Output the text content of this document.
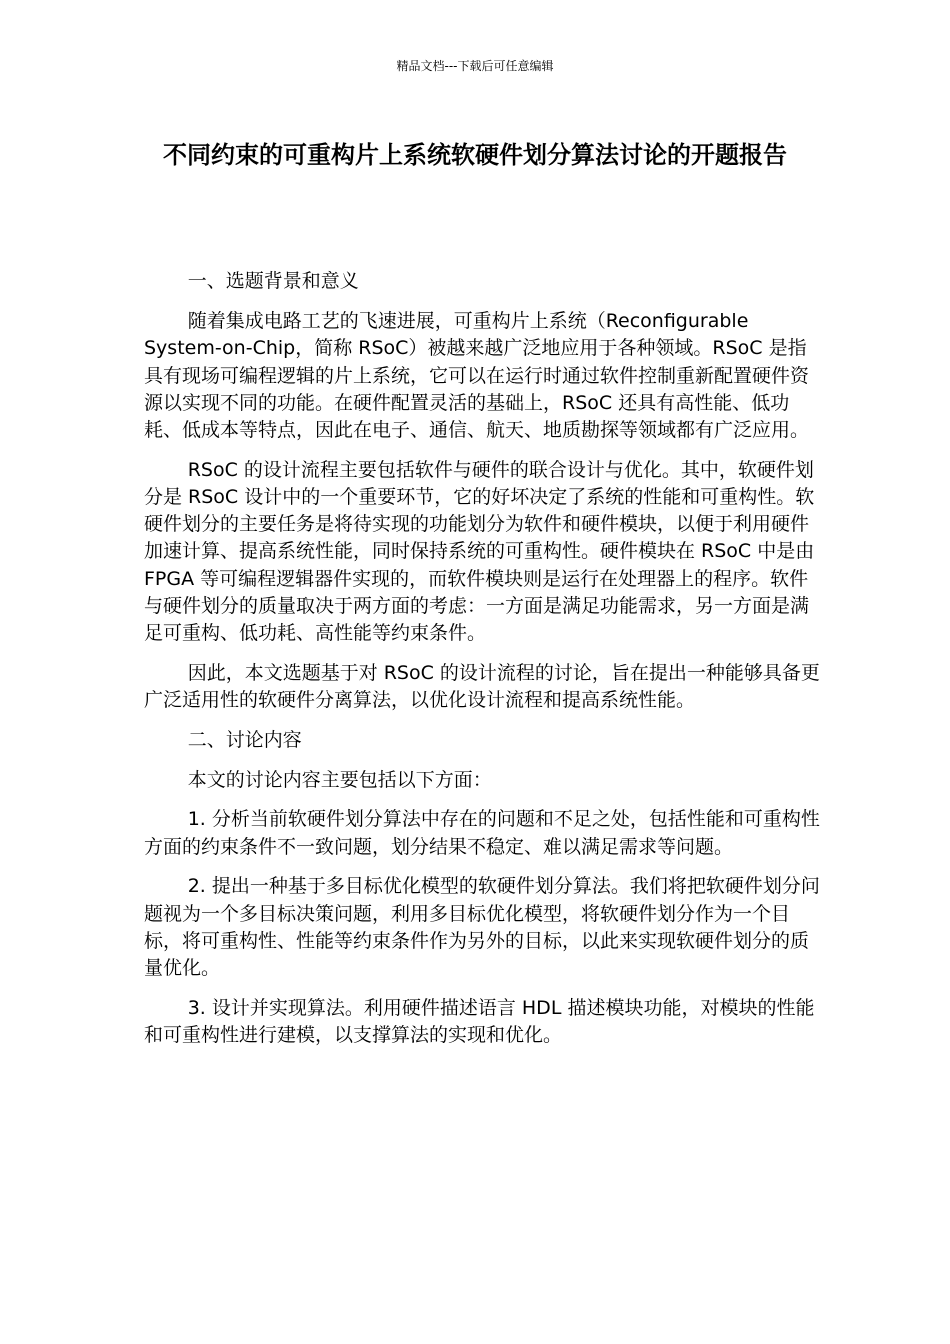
精品文档---下载后可任意编辑
不同约束的可重构片上系统软硬件划分算法讨论的开题报告

一、选题背景和意义

随着集成电路工艺的飞速进展，可重构片上系统（Reconfigurable System-on-Chip，简称 RSoC）被越来越广泛地应用于各种领域。RSoC 是指具有现场可编程逻辑的片上系统，它可以在运行时通过软件控制重新配置硬件资源以实现不同的功能。在硬件配置灵活的基础上，RSoC 还具有高性能、低功耗、低成本等特点，因此在电子、通信、航天、地质勘探等领域都有广泛应用。

RSoC 的设计流程主要包括软件与硬件的联合设计与优化。其中，软硬件划分是 RSoC 设计中的一个重要环节，它的好坏决定了系统的性能和可重构性。软硬件划分的主要任务是将待实现的功能划分为软件和硬件模块，以便于利用硬件加速计算、提高系统性能，同时保持系统的可重构性。硬件模块在 RSoC 中是由 FPGA 等可编程逻辑器件实现的，而软件模块则是运行在处理器上的程序。软件与硬件划分的质量取决于两方面的考虑：一方面是满足功能需求，另一方面是满足可重构、低功耗、高性能等约束条件。

因此，本文选题基于对 RSoC 的设计流程的讨论，旨在提出一种能够具备更广泛适用性的软硬件分离算法，以优化设计流程和提高系统性能。

二、讨论内容

本文的讨论内容主要包括以下方面：

1. 分析当前软硬件划分算法中存在的问题和不足之处，包括性能和可重构性方面的约束条件不一致问题，划分结果不稳定、难以满足需求等问题。

2. 提出一种基于多目标优化模型的软硬件划分算法。我们将把软硬件划分问题视为一个多目标决策问题，利用多目标优化模型，将软硬件划分作为一个目标，将可重构性、性能等约束条件作为另外的目标，以此来实现软硬件划分的质量优化。

3. 设计并实现算法。利用硬件描述语言 HDL 描述模块功能，对模块的性能和可重构性进行建模，以支撑算法的实现和优化。
